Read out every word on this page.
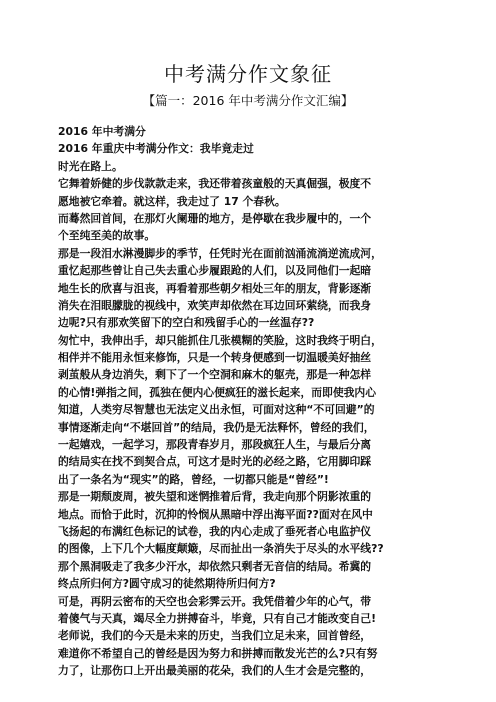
中考满分作文象征
【篇一：2016 年中考满分作文汇编】
2016 年中考满分
2016 年重庆中考满分作文：我毕竟走过
时光在路上。
它舞着娇健的步伐款款走来，我还带着孩童般的天真倔强，极度不
愿地被它牵着。就这样，我走过了 17 个春秋。
而蓦然回首间，在那灯火阑珊的地方，是停歇在我步履中的，一个
个至纯至美的故事。
那是一段泪水淋漫脚步的季节，任凭时光在面前汹涌流淌逆流成河，
重忆起那些曾让自己失去重心步履跟跄的人们，以及同他们一起暗
地生长的欣喜与沮丧，再看着那些朝夕相处三年的朋友，背影逐渐
消失在泪眼朦胧的视线中，欢笑声却依然在耳边回环萦绕，而我身
边呢?只有那欢笑留下的空白和残留手心的一丝温存??
匆忙中，我伸出手，却只能抓住几张模糊的笑脸，这时我终于明白，
相伴并不能用永恒来修饰，只是一个转身便感到一切温暖美好抽丝
剥茧般从身边消失，剩下了一个空洞和麻木的躯壳，那是一种怎样
的心情!弹指之间，孤独在便内心便疯狂的滋长起来，而即使我内心
知道，人类穷尽智慧也无法定义出永恒，可面对这种“不可回避”的
事情逐渐走向“不堪回首”的结局，我仍是无法释怀，曾经的我们，
一起嬉戏，一起学习，那段青春岁月，那段疯狂人生，与最后分离
的结局实在找不到契合点，可这才是时光的必经之路，它用脚印踩
出了一条名为“现实”的路，曾经，一切都只能是“曾经”!
那是一期颓废周，被失望和迷惘推着后背，我走向那个阴影浓重的
地点。而恰于此时，沉抑的怜悯从黑暗中浮出海平面??面对在风中
飞扬起的布满红色标记的试卷，我的内心走成了垂死者心电监护仪
的图像，上下几个大幅度颠簸，尽而扯出一条消失于尽头的水平线??
那个黑洞吸走了我多少汗水，却依然只剩者无音信的结局。希冀的
终点所归何方?圆守成习的徒然期待所归何方?
可是，再阴云密布的天空也会彩霁云开。我凭借着少年的心气，带
着傻气与天真，竭尽全力拼搏奋斗，毕竟，只有自己才能改变自己!
老师说，我们的今天是未来的历史，当我们立足未来，回首曾经，
难道你不希望自己的曾经是因为努力和拼搏而散发光芒的么?只有努
力了，让那伤口上开出最美丽的花朵，我们的人生才会是完整的，
